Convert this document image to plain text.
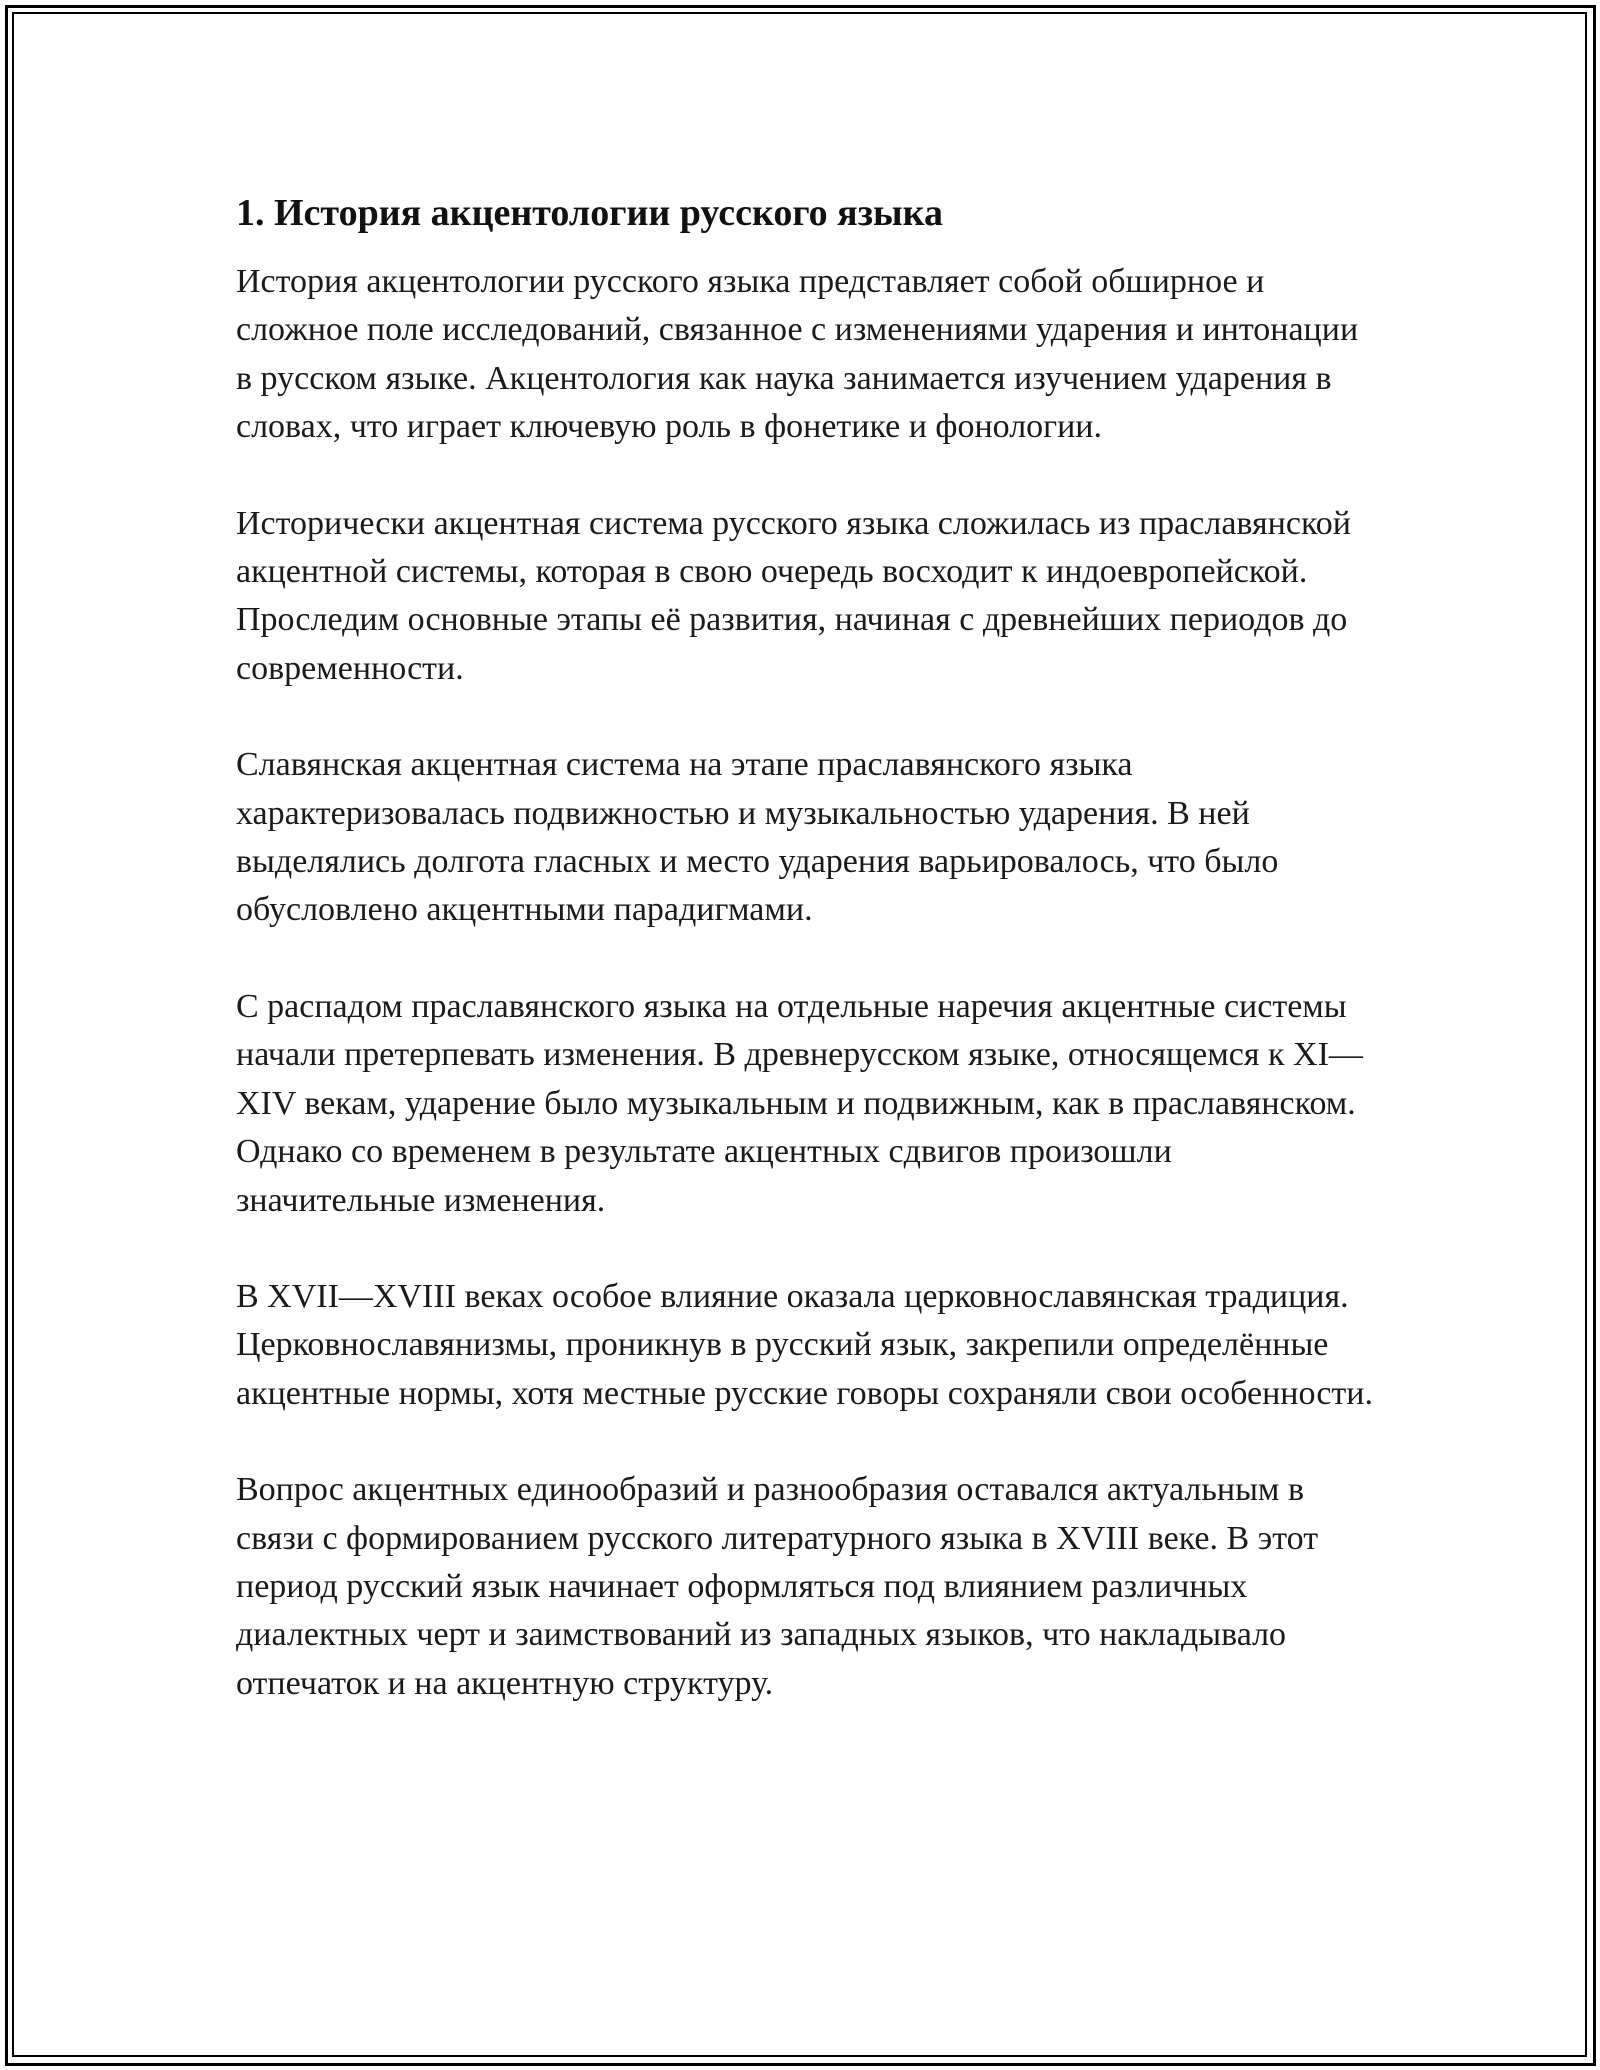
1. История акцентологии русского языка

История акцентологии русского языка представляет собой обширное и сложное поле исследований, связанное с изменениями ударения и интонации в русском языке. Акцентология как наука занимается изучением ударения в словах, что играет ключевую роль в фонетике и фонологии.

Исторически акцентная система русского языка сложилась из праславянской акцентной системы, которая в свою очередь восходит к индоевропейской. Проследим основные этапы её развития, начиная с древнейших периодов до современности.

Славянская акцентная система на этапе праславянского языка характеризовалась подвижностью и музыкальностью ударения. В ней выделялись долгота гласных и место ударения варьировалось, что было обусловлено акцентными парадигмами.

С распадом праславянского языка на отдельные наречия акцентные системы начали претерпевать изменения. В древнерусском языке, относящемся к XI—XIV векам, ударение было музыкальным и подвижным, как в праславянском. Однако со временем в результате акцентных сдвигов произошли значительные изменения.

В XVII—XVIII веках особое влияние оказала церковнославянская традиция. Церковнославянизмы, проникнув в русский язык, закрепили определённые акцентные нормы, хотя местные русские говоры сохраняли свои особенности.

Вопрос акцентных единообразий и разнообразия оставался актуальным в связи с формированием русского литературного языка в XVIII веке. В этот период русский язык начинает оформляться под влиянием различных диалектных черт и заимствований из западных языков, что накладывало отпечаток и на акцентную структуру.
